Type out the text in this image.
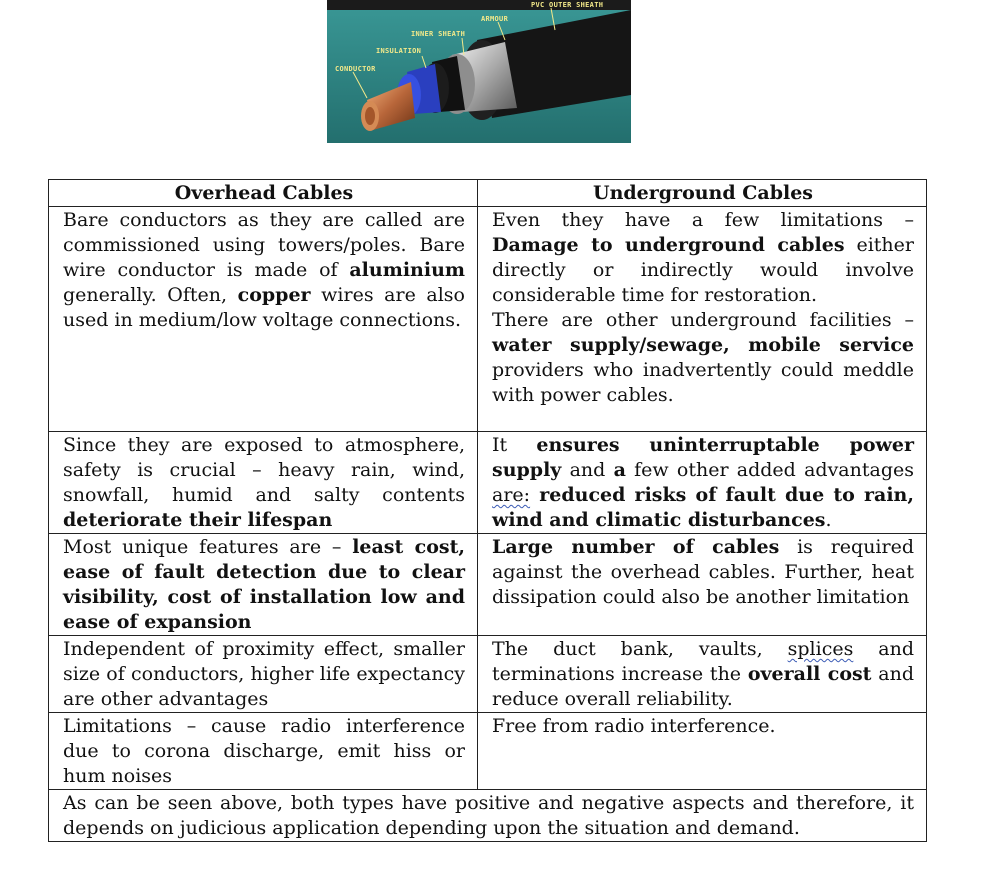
PVC OUTER SHEATH
ARMOUR
INNER SHEATH
INSULATION
CONDUCTOR
Overhead Cables	Underground Cables
Bare conductors as they are called are commissioned using towers/poles. Bare wire conductor is made of aluminium generally. Often, copper wires are also used in medium/low voltage connections.	Even they have a few limitations – Damage to underground cables either directly or indirectly would involve considerable time for restoration.
There are other underground facilities – water supply/sewage, mobile service providers who inadvertently could meddle with power cables.
Since they are exposed to atmosphere, safety is crucial – heavy rain, wind, snowfall, humid and salty contents deteriorate their lifespan	It ensures uninterruptable power supply and a few other added advantages are: reduced risks of fault due to rain, wind and climatic disturbances.
Most unique features are – least cost, ease of fault detection due to clear visibility, cost of installation low and ease of expansion	Large number of cables is required against the overhead cables. Further, heat dissipation could also be another limitation
Independent of proximity effect, smaller size of conductors, higher life expectancy are other advantages	The duct bank, vaults, splices and terminations increase the overall cost and reduce overall reliability.
Limitations – cause radio interference due to corona discharge, emit hiss or hum noises	Free from radio interference.
As can be seen above, both types have positive and negative aspects and therefore, it depends on judicious application depending upon the situation and demand.	
